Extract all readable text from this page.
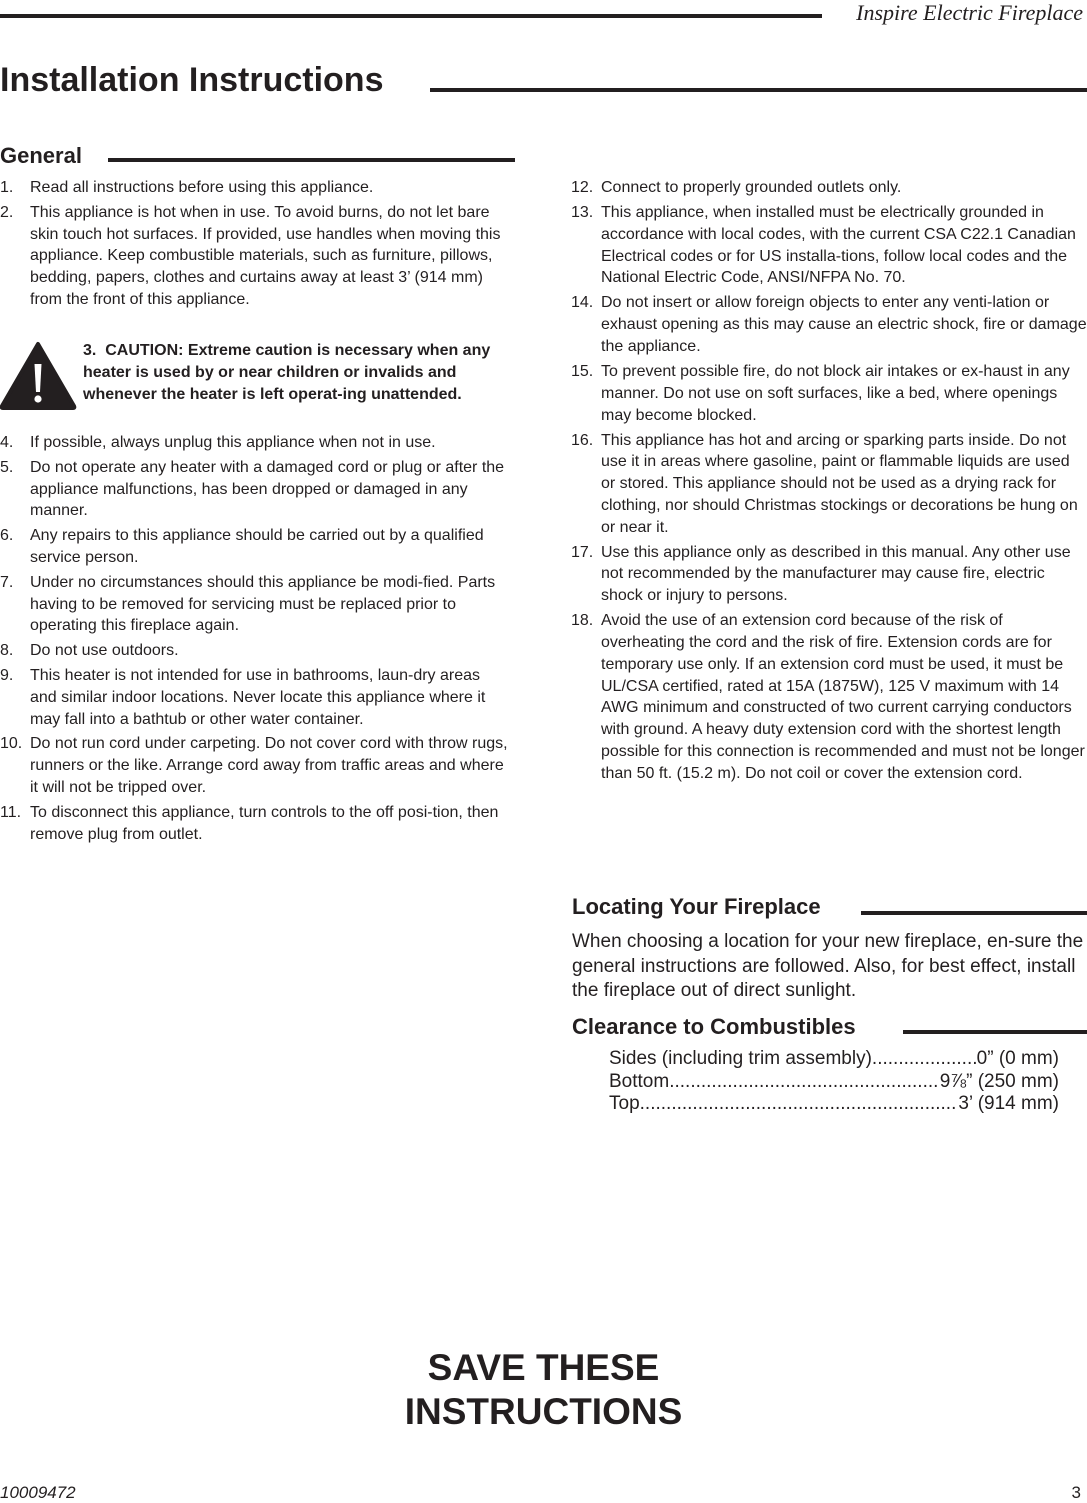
Inspire Electric Fireplace
Installation Instructions
General
1. Read all instructions before using this appliance.
2. This appliance is hot when in use. To avoid burns, do not let bare skin touch hot surfaces. If provided, use handles when moving this appliance. Keep combustible materials, such as furniture, pillows, bedding, papers, clothes and curtains away at least 3’ (914 mm) from the front of this appliance.
3. CAUTION: Extreme caution is necessary when any heater is used by or near children or invalids and whenever the heater is left operat-ing unattended.
4. If possible, always unplug this appliance when not in use.
5. Do not operate any heater with a damaged cord or plug or after the appliance malfunctions, has been dropped or damaged in any manner.
6. Any repairs to this appliance should be carried out by a qualified service person.
7. Under no circumstances should this appliance be modi-fied. Parts having to be removed for servicing must be replaced prior to operating this fireplace again.
8. Do not use outdoors.
9. This heater is not intended for use in bathrooms, laun-dry areas and similar indoor locations. Never locate this appliance where it may fall into a bathtub or other water container.
10. Do not run cord under carpeting. Do not cover cord with throw rugs, runners or the like. Arrange cord away from traffic areas and where it will not be tripped over.
11. To disconnect this appliance, turn controls to the off posi-tion, then remove plug from outlet.
12. Connect to properly grounded outlets only.
13. This appliance, when installed must be electrically grounded in accordance with local codes, with the current CSA C22.1 Canadian Electrical codes or for US installa-tions, follow local codes and the National Electric Code, ANSI/NFPA No. 70.
14. Do not insert or allow foreign objects to enter any venti-lation or exhaust opening as this may cause an electric shock, fire or damage the appliance.
15. To prevent possible fire, do not block air intakes or ex-haust in any manner. Do not use on soft surfaces, like a bed, where openings may become blocked.
16. This appliance has hot and arcing or sparking parts inside. Do not use it in areas where gasoline, paint or flammable liquids are used or stored. This appliance should not be used as a drying rack for clothing, nor should Christmas stockings or decorations be hung on or near it.
17. Use this appliance only as described in this manual. Any other use not recommended by the manufacturer may cause fire, electric shock or injury to persons.
18. Avoid the use of an extension cord because of the risk of overheating the cord and the risk of fire. Extension cords are for temporary use only. If an extension cord must be used, it must be UL/CSA certified, rated at 15A (1875W), 125 V maximum with 14 AWG minimum and constructed of two current carrying conductors with ground. A heavy duty extension cord with the shortest length possible for this connection is recommended and must not be longer than 50 ft. (15.2 m). Do not coil or cover the extension cord.
Locating Your Fireplace
When choosing a location for your new fireplace, en-sure the general instructions are followed. Also, for best effect, install the fireplace out of direct sunlight.
Clearance to Combustibles
Sides (including trim assembly) .....	0” (0 mm)
Bottom .....	9⅞” (250 mm)
Top .....	3’ (914 mm)
SAVE THESE
INSTRUCTIONS
10009472	3
